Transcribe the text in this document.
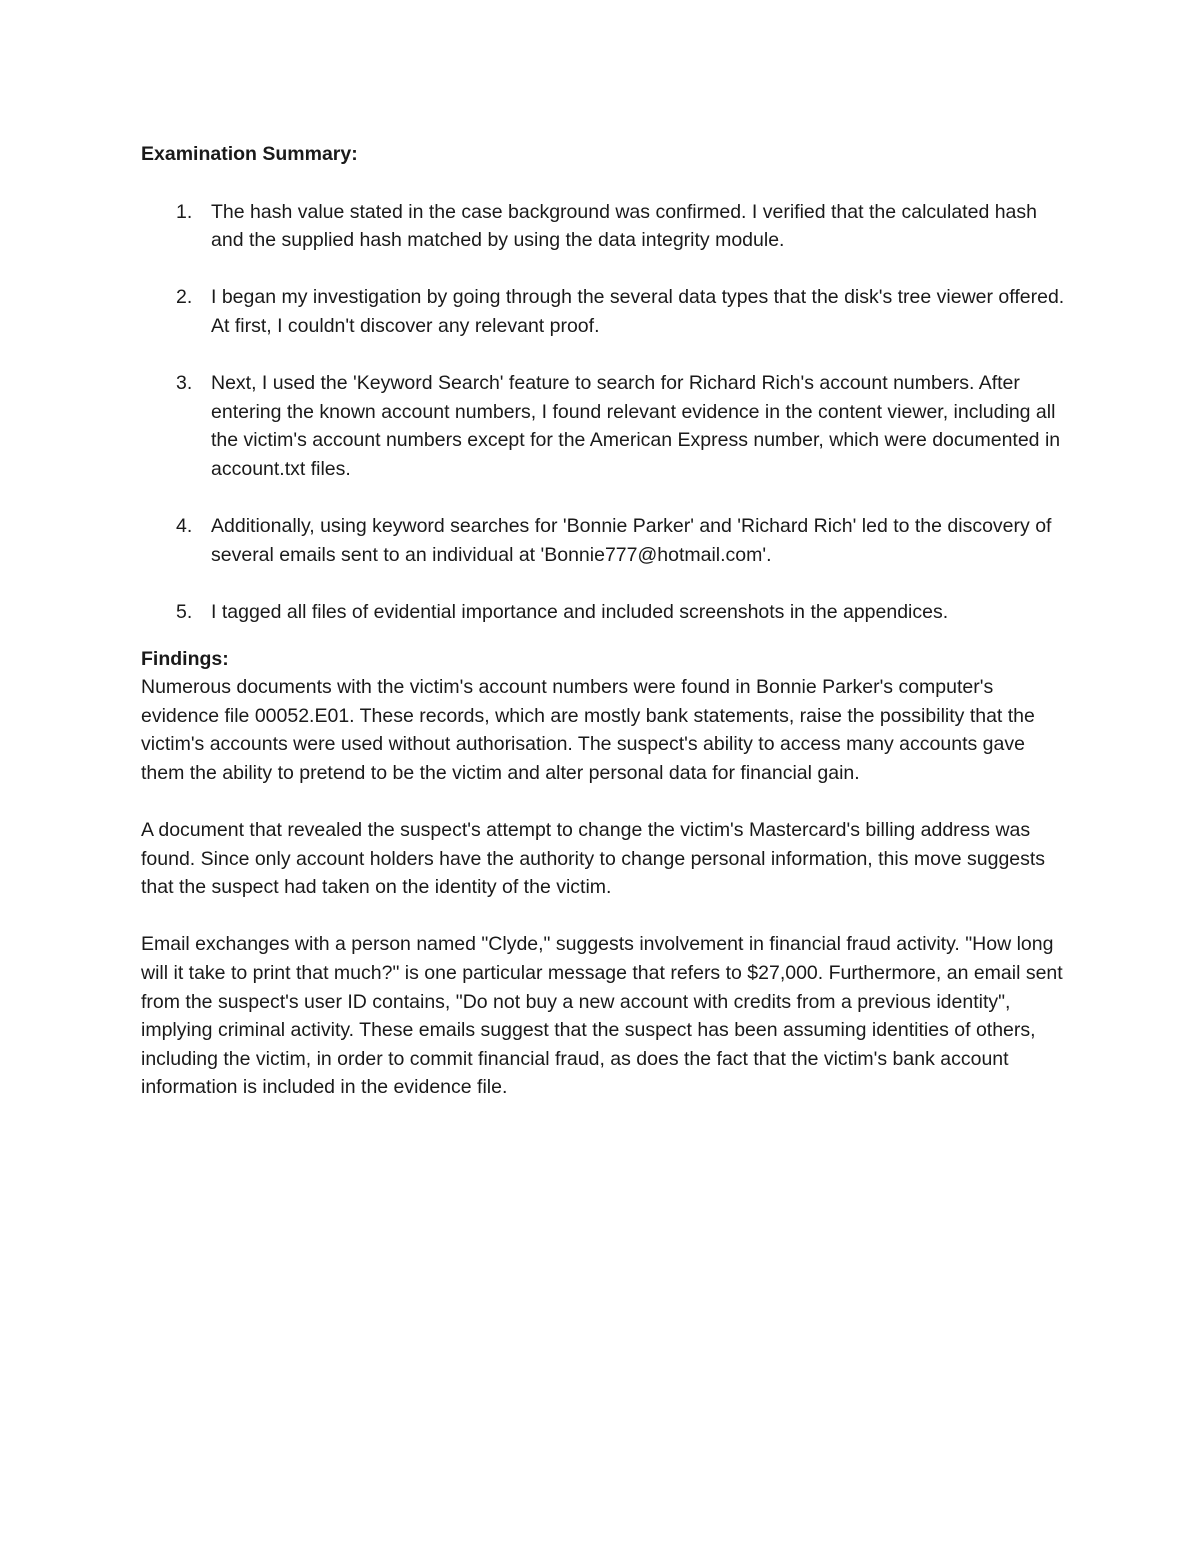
Examination Summary:

1. The hash value stated in the case background was confirmed. I verified that the calculated hash and the supplied hash matched by using the data integrity module.
2. I began my investigation by going through the several data types that the disk's tree viewer offered. At first, I couldn't discover any relevant proof.
3. Next, I used the 'Keyword Search' feature to search for Richard Rich's account numbers. After entering the known account numbers, I found relevant evidence in the content viewer, including all the victim's account numbers except for the American Express number, which were documented in account.txt files.
4. Additionally, using keyword searches for 'Bonnie Parker' and 'Richard Rich' led to the discovery of several emails sent to an individual at 'Bonnie777@hotmail.com'.
5. I tagged all files of evidential importance and included screenshots in the appendices.

Findings:

Numerous documents with the victim's account numbers were found in Bonnie Parker's computer's evidence file 00052.E01. These records, which are mostly bank statements, raise the possibility that the victim's accounts were used without authorisation. The suspect's ability to access many accounts gave them the ability to pretend to be the victim and alter personal data for financial gain.

A document that revealed the suspect's attempt to change the victim's Mastercard's billing address was found. Since only account holders have the authority to change personal information, this move suggests that the suspect had taken on the identity of the victim.

Email exchanges with a person named "Clyde," suggests involvement in financial fraud activity. "How long will it take to print that much?" is one particular message that refers to $27,000. Furthermore, an email sent from the suspect's user ID contains, "Do not buy a new account with credits from a previous identity", implying criminal activity. These emails suggest that the suspect has been assuming identities of others, including the victim, in order to commit financial fraud, as does the fact that the victim's bank account information is included in the evidence file.
